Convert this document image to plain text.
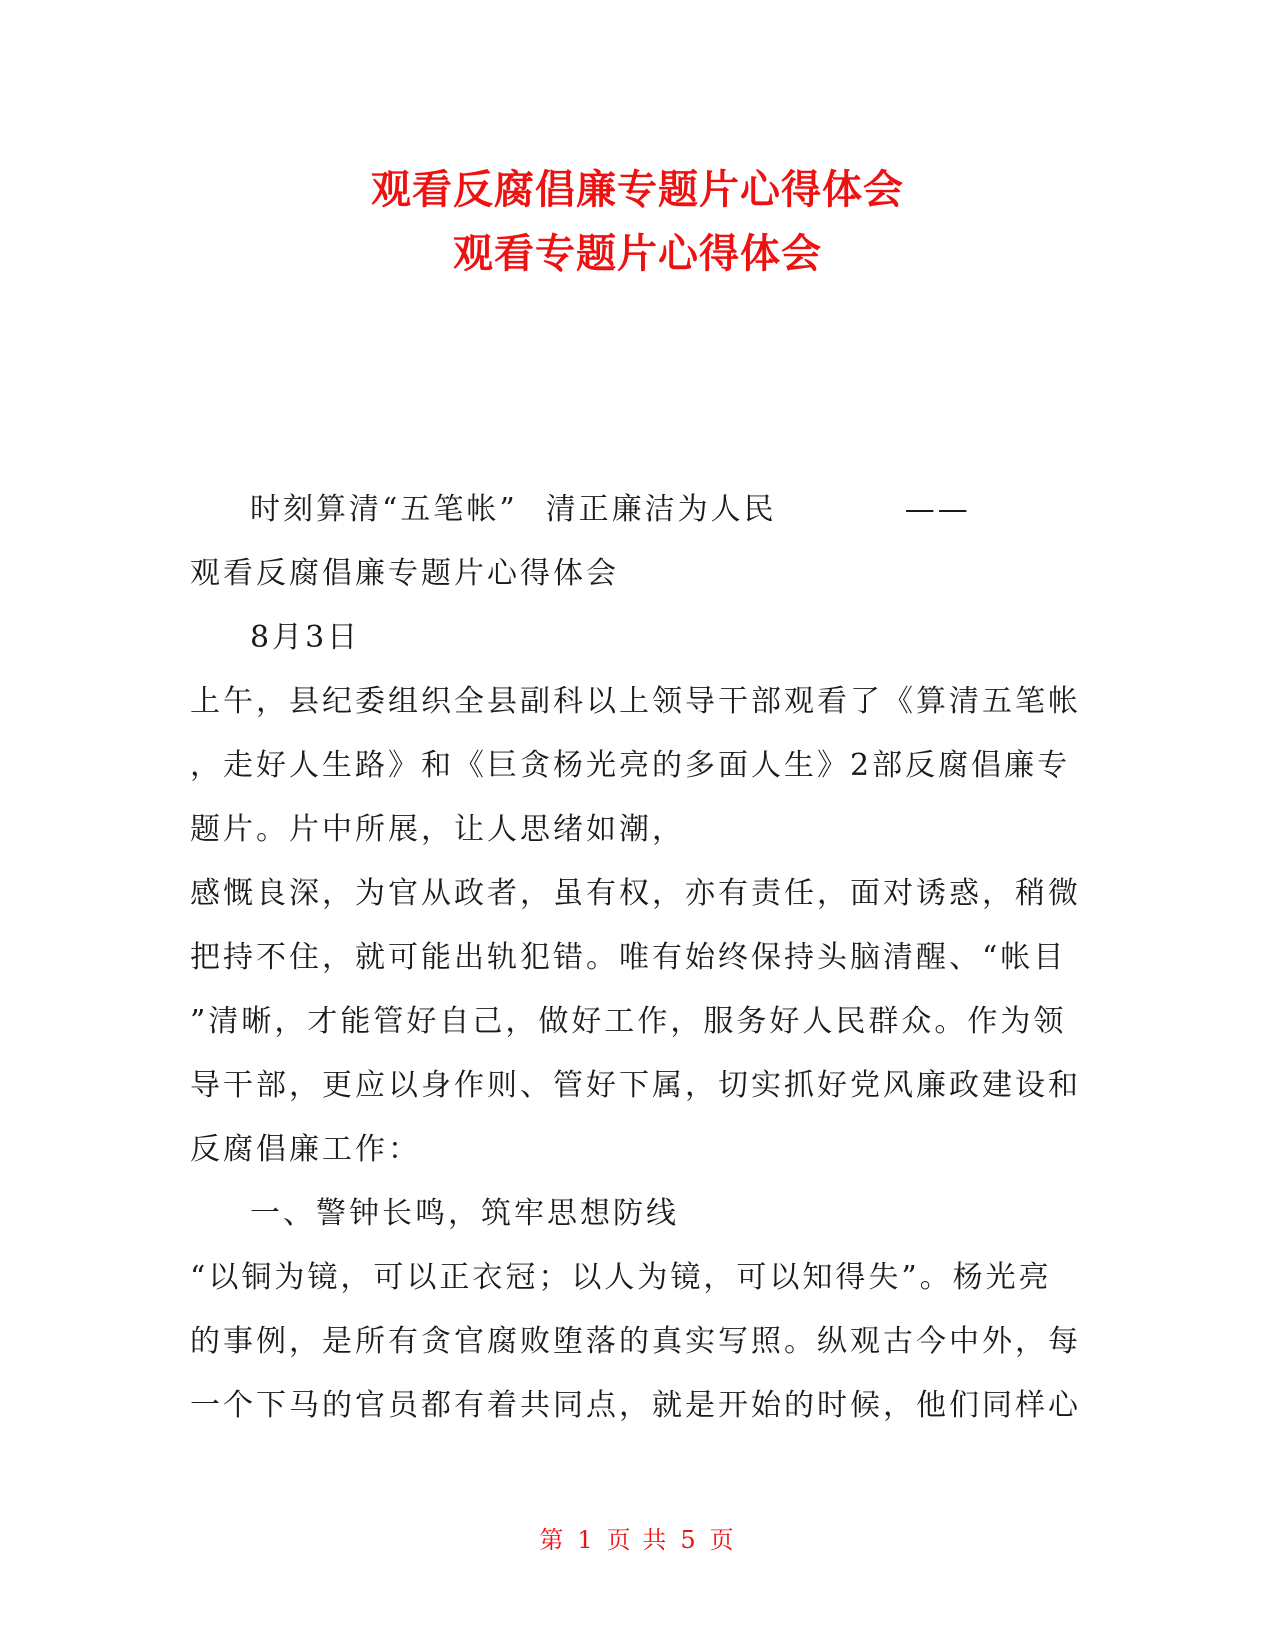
观看反腐倡廉专题片心得体会
观看专题片心得体会
时刻算清“五笔帐” 清正廉洁为人民	——
观看反腐倡廉专题片心得体会
8月3日
上午，县纪委组织全县副科以上领导干部观看了《算清五笔帐
，走好人生路》和《巨贪杨光亮的多面人生》2部反腐倡廉专
题片。片中所展，让人思绪如潮，
感慨良深，为官从政者，虽有权，亦有责任，面对诱惑，稍微
把持不住，就可能出轨犯错。唯有始终保持头脑清醒、“帐目
”清晰，才能管好自己，做好工作，服务好人民群众。作为领
导干部，更应以身作则、管好下属，切实抓好党风廉政建设和
反腐倡廉工作：
一、警钟长鸣，筑牢思想防线
“以铜为镜，可以正衣冠；以人为镜，可以知得失”。杨光亮
的事例，是所有贪官腐败堕落的真实写照。纵观古今中外，每
一个下马的官员都有着共同点，就是开始的时候，他们同样心
第 1 页 共 5 页
